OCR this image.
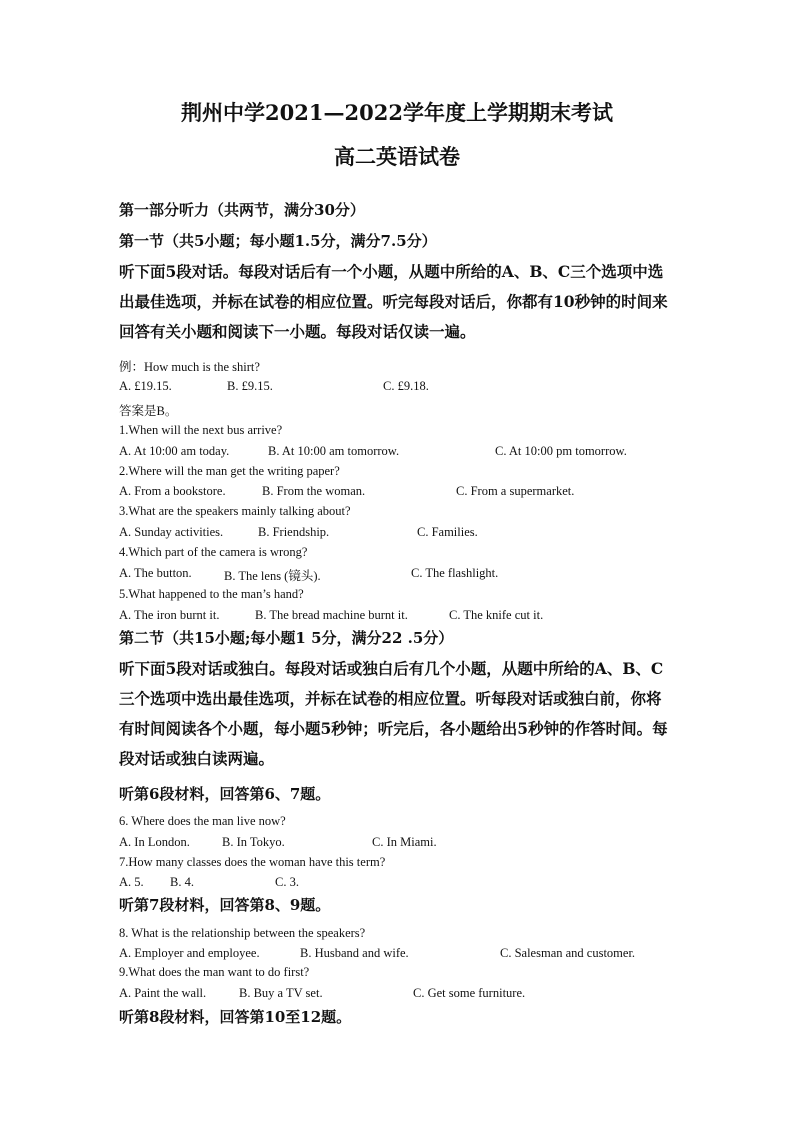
荆州中学2021—2022学年度上学期期末考试
高二英语试卷
第一部分听力（共两节，满分30分）
第一节（共5小题；每小题1.5分，满分7.5分）
听下面5段对话。每段对话后有一个小题，从题中所给的A、B、C三个选项中选出最佳选项，并标在试卷的相应位置。听完每段对话后，你都有10秒钟的时间来回答有关小题和阅读下一小题。每段对话仅读一遍。
例：How much is the shirt?
A. £19.15.	B. £9.15.	C. £9.18.
答案是B。
1.When will the next bus arrive?
A. At 10:00 am today.	B. At 10:00 am tomorrow.	C. At 10:00 pm tomorrow.
2.Where will the man get the writing paper?
A. From a bookstore.	B. From the woman.	C. From a supermarket.
3.What are the speakers mainly talking about?
A. Sunday activities.	B. Friendship.	C. Families.
4.Which part of the camera is wrong?
A. The button.	B. The lens (镜头).	C. The flashlight.
5.What happened to the man’s hand?
A. The iron burnt it.	B. The bread machine burnt it.	C. The knife cut it.
第二节（共15小题;每小题1 5分，满分22 .5分）
听下面5段对话或独白。每段对话或独白后有几个小题，从题中所给的A、B、C三个选项中选出最佳选项，并标在试卷的相应位置。听每段对话或独白前，你将有时间阅读各个小题，每小题5秒钟；听完后，各小题给出5秒钟的作答时间。每段对话或独白读两遍。
听第6段材料，回答第6、7题。
6. Where does the man live now?
A. In London.	B. In Tokyo.	C. In Miami.
7.How many classes does the woman have this term?
A. 5. B. 4.	C. 3.
听第7段材料，回答第8、9题。
8. What is the relationship between the speakers?
A. Employer and employee.	B. Husband and wife.	C. Salesman and customer.
9.What does the man want to do first?
A. Paint the wall.	B. Buy a TV set.	C. Get some furniture.
听第8段材料，回答第10至12题。
